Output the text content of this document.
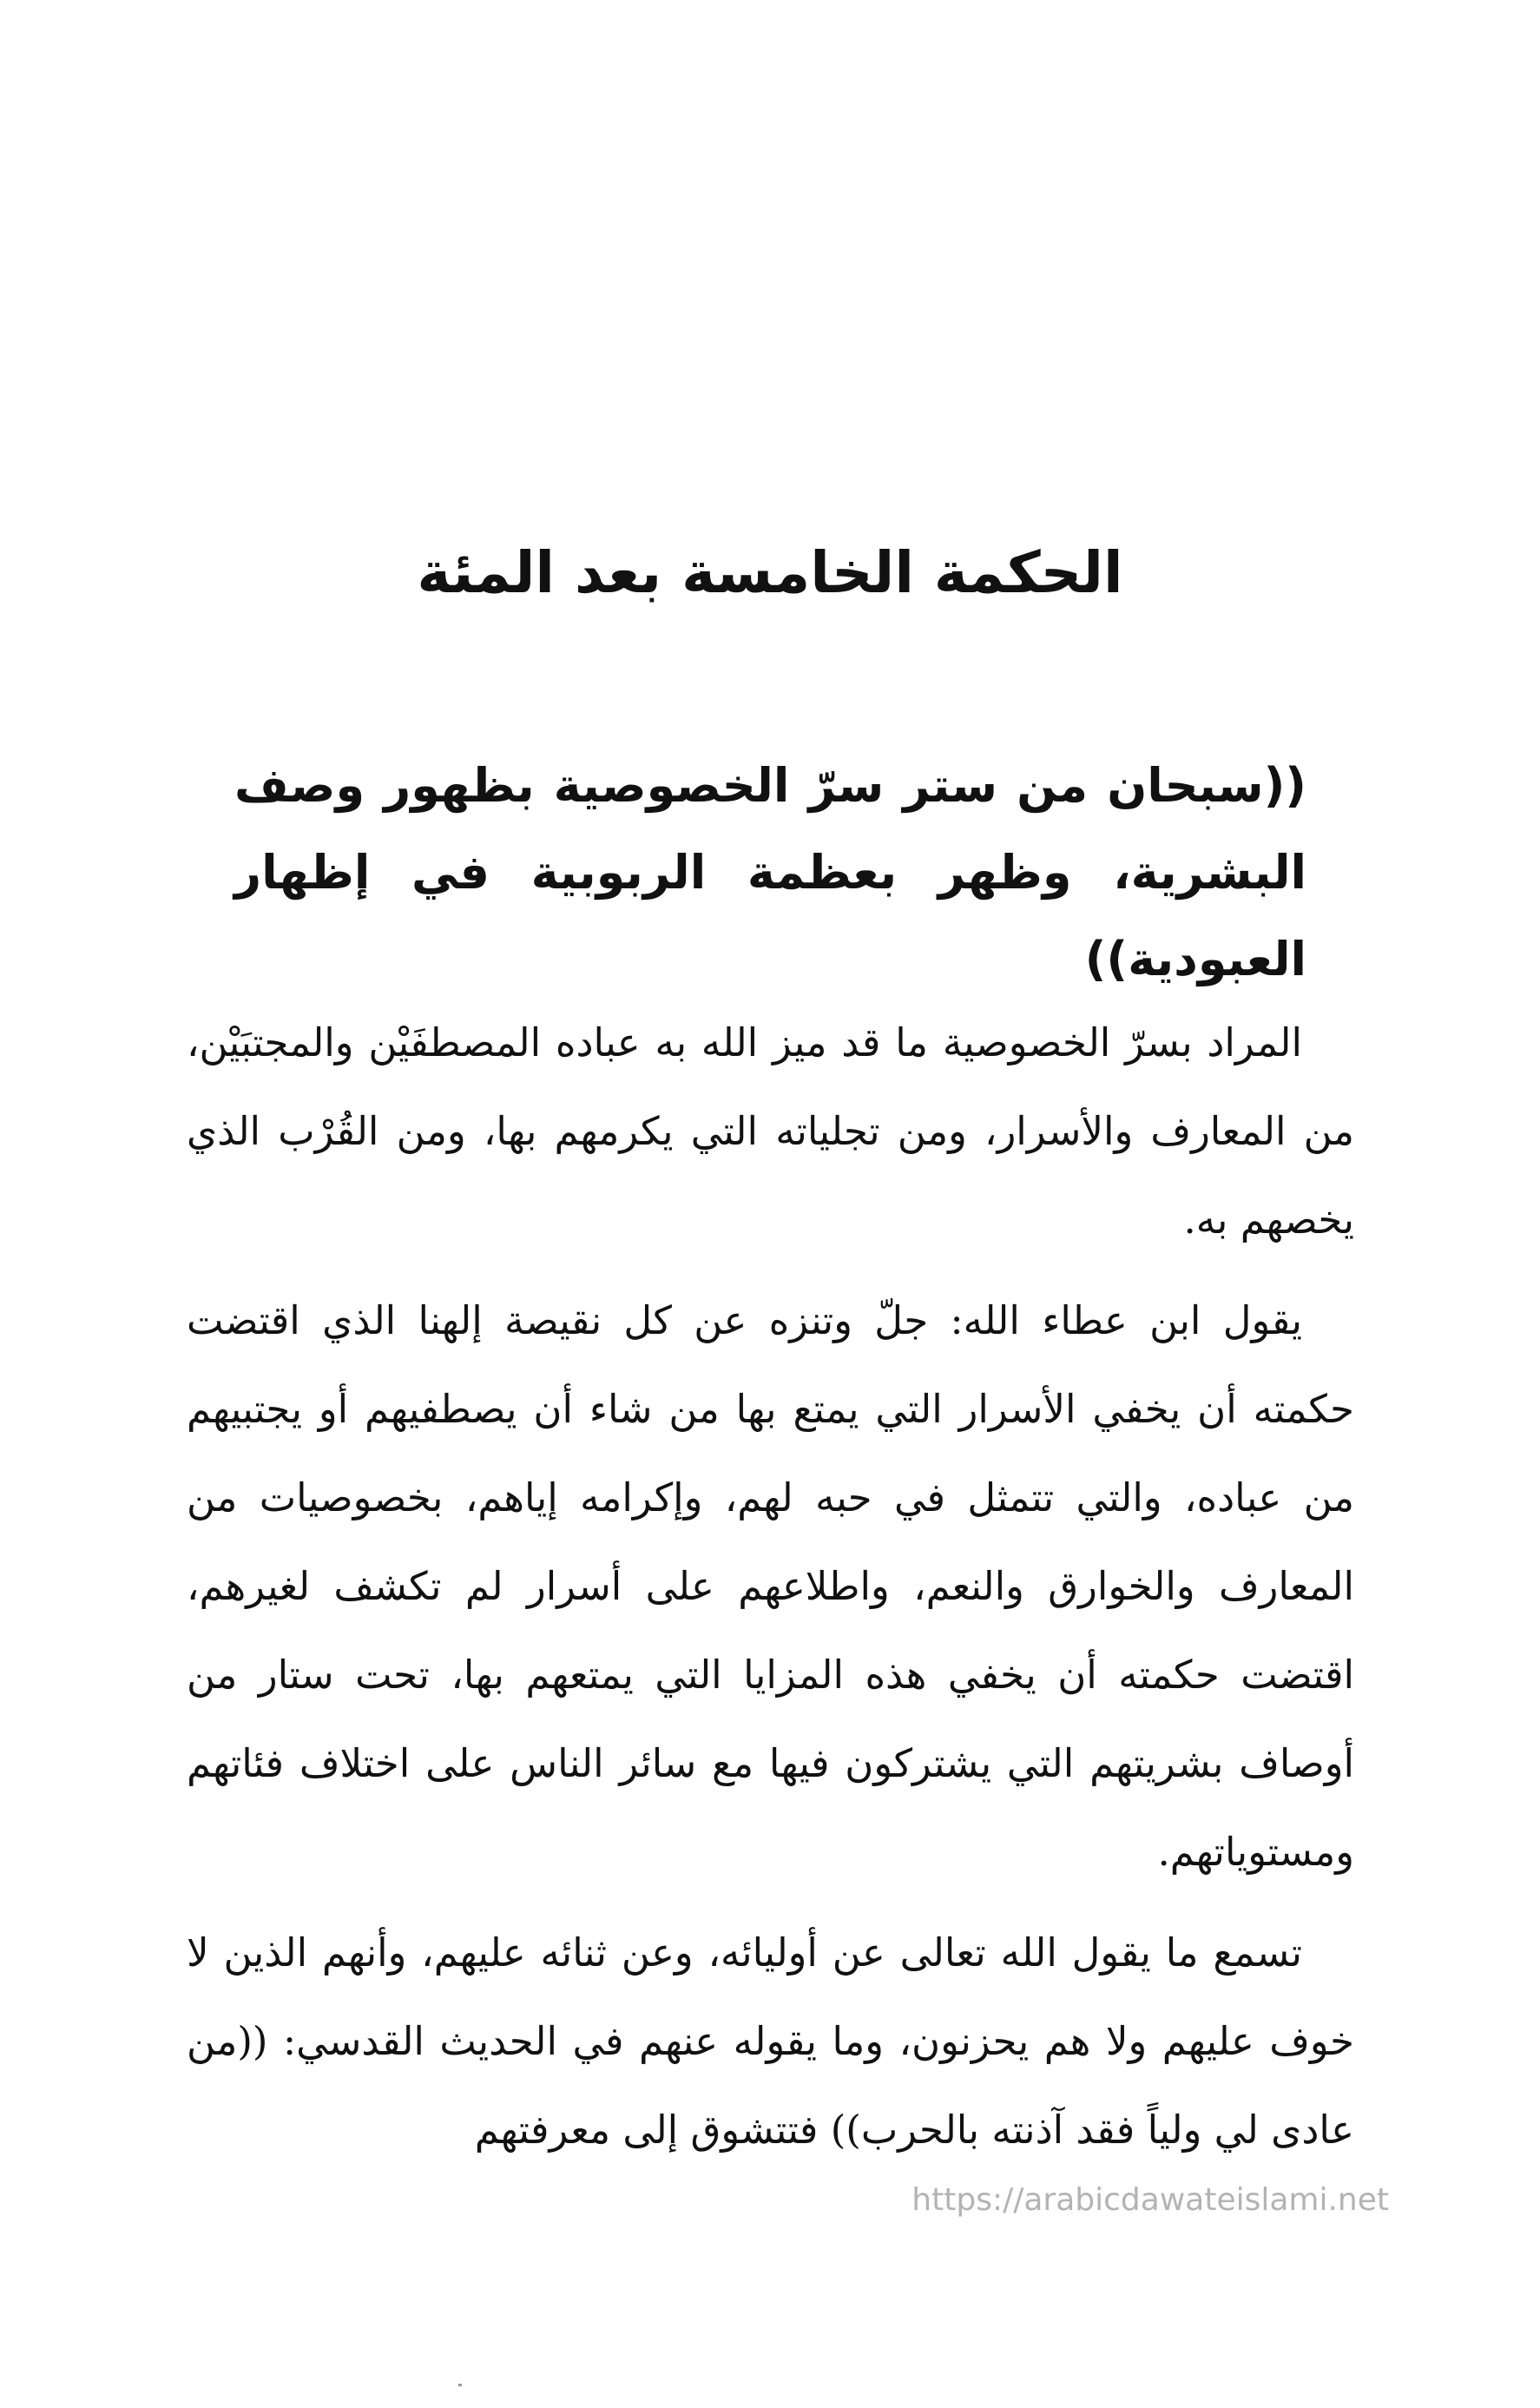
الحكمة الخامسة بعد المئة
((سبحان من ستر سرّ الخصوصية بظهور وصف البشرية، وظهر بعظمة الربوبية في إظهار العبودية))

المراد بسرّ الخصوصية ما قد ميز الله به عباده المصطفَيْن والمجتبَيْن، من المعارف والأسرار، ومن تجلياته التي يكرمهم بها، ومن القُرْب الذي يخصهم به.

يقول ابن عطاء الله: جلّ وتنزه عن كل نقيصة إلهنا الذي اقتضت حكمته أن يخفي الأسرار التي يمتع بها من شاء أن يصطفيهم أو يجتبيهم من عباده، والتي تتمثل في حبه لهم، وإكرامه إياهم، بخصوصيات من المعارف والخوارق والنعم، واطلاعهم على أسرار لم تكشف لغيرهم، اقتضت حكمته أن يخفي هذه المزايا التي يمتعهم بها، تحت ستار من أوصاف بشريتهم التي يشتركون فيها مع سائر الناس على اختلاف فئاتهم ومستوياتهم.

تسمع ما يقول الله تعالى عن أوليائه، وعن ثنائه عليهم، وأنهم الذين لا خوف عليهم ولا هم يحزنون، وما يقوله عنهم في الحديث القدسي: ((من عادى لي ولياً فقد آذنته بالحرب)) فتتشوق إلى معرفتهم

https://arabicdawateislami.net
